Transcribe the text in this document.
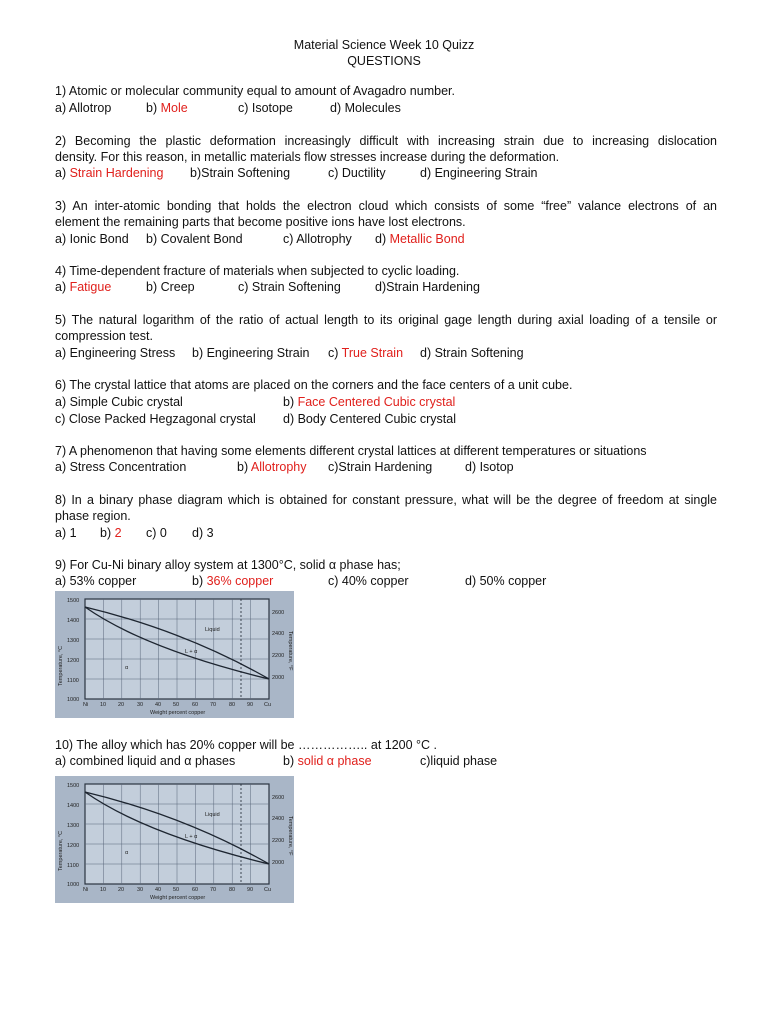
Material Science Week 10 Quizz
QUESTIONS
1) Atomic or molecular community equal to amount of Avagadro number.
a) Allotrop	b) Mole	c) Isotope	d) Molecules
2) Becoming the plastic deformation increasingly difficult with increasing strain due to increasing dislocation
density. For this reason, in metallic materials flow stresses increase during the deformation.
a) Strain Hardening b)Strain Softening	c) Ductility	d) Engineering Strain
3) An inter-atomic bonding that holds the electron cloud which consists of some “free” valance electrons of an
element the remaining parts that become positive ions have lost electrons.
a) Ionic Bond b) Covalent Bond	c) Allotrophy d) Metallic Bond
4) Time-dependent fracture of materials when subjected to cyclic loading.
a) Fatigue	b) Creep	c) Strain Softening	d)Strain Hardening
5) The natural logarithm of the ratio of actual length to its original gage length during axial loading of a tensile or
compression test.
a) Engineering Stress b) Engineering Strain c) True Strain d) Strain Softening
6) The crystal lattice that atoms are placed on the corners and the face centers of a unit cube.
a) Simple Cubic crystal	b) Face Centered Cubic crystal
c) Close Packed Hegzagonal crystal d) Body Centered Cubic crystal
7) A phenomenon that having some elements different crystal lattices at different temperatures or situations
a) Stress Concentration	b) Allotrophy c)Strain Hardening	d) Isotop
8) In a binary phase diagram which is obtained for constant pressure, what will be the degree of freedom at single
phase region.
a) 1 b) 2 c) 0 d) 3
9) For Cu-Ni binary alloy system at 1300°C, solid α phase has;
a) 53% copper	b) 36% copper	c) 40% copper	d) 50% copper
1500
1400
1300
1200
1100
1000
2600
2400
2200
2000
Ni 10 20 30 40 50 60 70 80 90 Cu
Liquid
L + α
α
Weight percent copper
Temperature, °C	Temperature, °F
10) The alloy which has 20% copper will be …………….. at 1200 °C .
a) combined liquid and α phases	b) solid α phase	c)liquid phase
1500
1400
1300
1200
1100
1000
2600
2400
2200
2000
Ni 10 20 30 40 50 60 70 80 90 Cu
Liquid
L + α
α
Weight percent copper
Temperature, °C	Temperature, °F
